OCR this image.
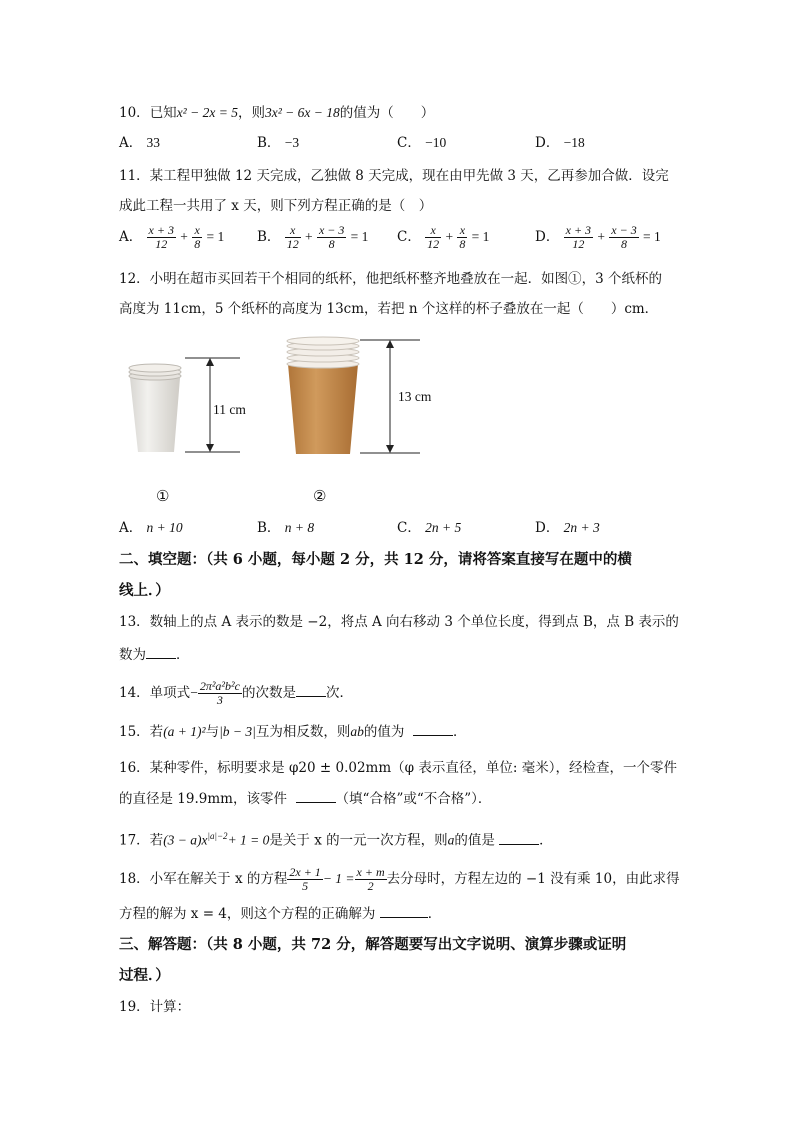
10．已知x² − 2x = 5，则3x² − 6x − 18的值为（　　）
A． 33	B． −3	C． −10	D． −18
11．某工程甲独做 12 天完成，乙独做 8 天完成，现在由甲先做 3 天，乙再参加合做．设完
成此工程一共用了 x 天，则下列方程正确的是（　）
A． $\frac{x + 3}{12} + \frac{x}{8} = 1$ B． $\frac{x}{12} + \frac{x - 3}{8} = 1$ C． $\frac{x}{12} + \frac{x}{8} = 1$	D． $\frac{x + 3}{12} + \frac{x - 3}{8} = 1$
12．小明在超市买回若干个相同的纸杯，他把纸杯整齐地叠放在一起．如图①，3 个纸杯的
高度为 11cm，5 个纸杯的高度为 13cm，若把 n 个这样的杯子叠放在一起（　　）cm．
11 cm
13 cm
①	②
A． n + 10	B． n + 8	C． 2n + 5	D． 2n + 3
二、填空题：（共 6 小题，每小题 2 分，共 12 分，请将答案直接写在题中的横
线上．）
13．数轴上的点 A 表示的数是 −2，将点 A 向右移动 3 个单位长度，得到点 B，点 B 表示的
数为 ．
14．单项式− $\frac{\text{2π²a²b²c}}{3}$ 的次数是 次．
15．若(a + 1)²与|b − 3|互为相反数，则ab的值为	．
16．某种零件，标明要求是 φ20 ± 0.02mm（φ 表示直径，单位: 毫米），经检查，一个零件
的直径是 19.9mm，该零件	（填“合格”或“不合格”）．
17．若$(3 - a)x^{|a|-2}+ 1 = 0$是关于 x 的一元一次方程，则a的值是	．
18．小军在解关于 x 的方程 $\frac{2x + 1}{5} - 1 = \frac{x + m}{2}$ 去分母时，方程左边的 −1 没有乘 10，由此求得
方程的解为 x = 4，则这个方程的正确解为	．
三、解答题：（共 8 小题，共 72 分，解答题要写出文字说明、演算步骤或证明
过程．）
19．计算：
